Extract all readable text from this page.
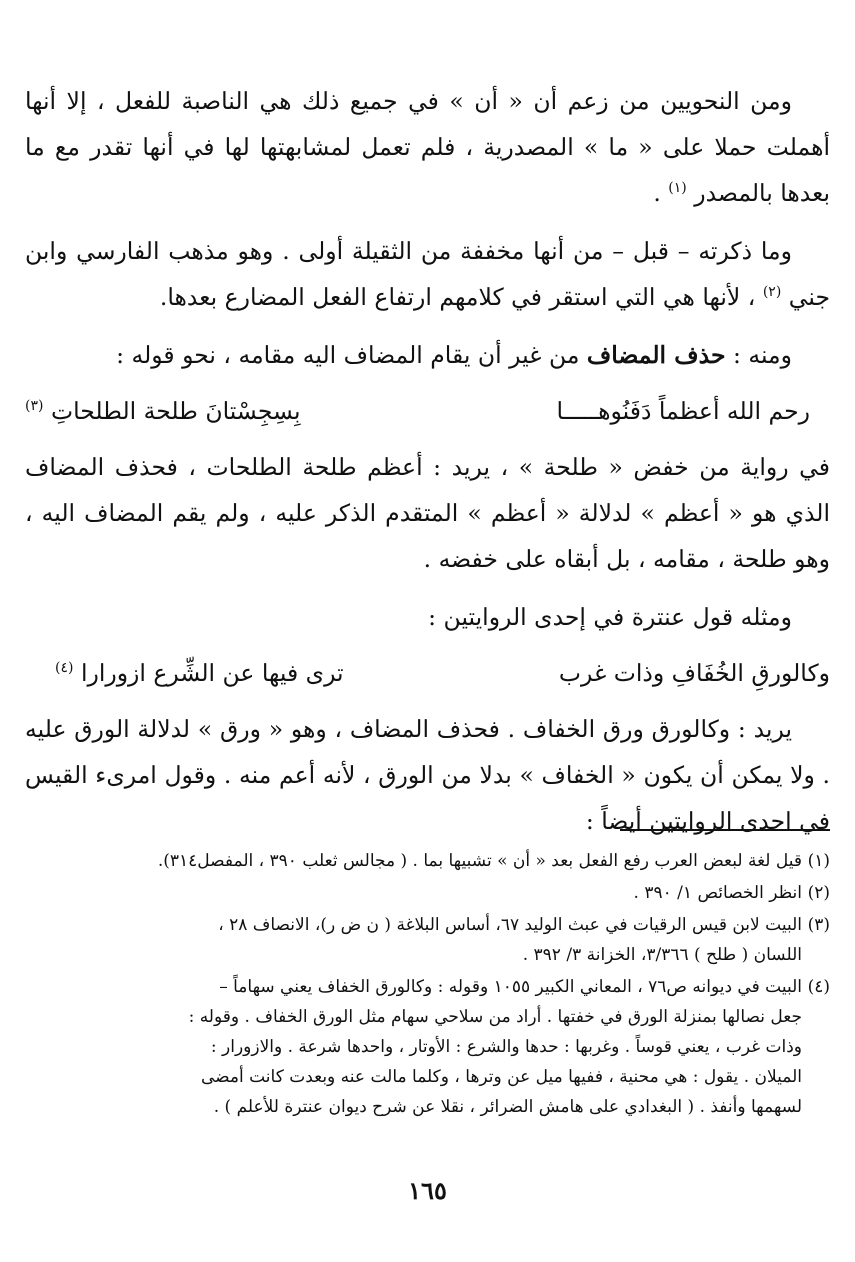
ومن النحويين من زعم أن « أن » في جميع ذلك هي الناصبة للفعل ، إلا أنها أهملت حملا على « ما » المصدرية ، فلم تعمل لمشابهتها لها في أنها تقدر مع ما بعدها بالمصدر $^{(١)}$ .

وما ذكرته – قبل – من أنها مخففة من الثقيلة أولى . وهو مذهب الفارسي وابن جني $^{(٢)}$ ، لأنها هي التي استقر في كلامهم ارتفاع الفعل المضارع بعدها.

ومنه : حذف المضاف من غير أن يقام المضاف اليه مقامه ، نحو قوله :

رحم الله أعظماً دَفَنُوهـــــا
بِسِجِسْتانَ طلحة الطلحاتِ $^{(٣)}$

في رواية من خفض « طلحة » ، يريد : أعظم طلحة الطلحات ، فحذف المضاف الذي هو « أعظم » لدلالة « أعظم » المتقدم الذكر عليه ، ولم يقم المضاف اليه ، وهو طلحة ، مقامه ، بل أبقاه على خفضه .

ومثله قول عنترة في إحدى الروايتين :

وكالورقِ الخُفَافِ وذات غرب
ترى فيها عن الشِّرع ازورارا $^{(٤)}$

يريد : وكالورق ورق الخفاف . فحذف المضاف ، وهو « ورق » لدلالة الورق عليه . ولا يمكن أن يكون « الخفاف » بدلا من الورق ، لأنه أعم منه . وقول امرىء القيس في احدى الروايتين أيضاً :

(١)قيل لغة لبعض العرب رفع الفعل بعد « أن » تشبيها بما . ( مجالس ثعلب ٣٩٠ ، المفصل٣١٤).

(٢)انظر الخصائص ١/ ٣٩٠ .

(٣)البيت لابن قيس الرقيات في عبث الوليد ٦٧، أساس البلاغة ( ن ض ر)، الانصاف ٢٨ ،

اللسان ( طلح ) ٣/٣٦٦، الخزانة ٣/ ٣٩٢ .

(٤)البيت في ديوانه ص٧٦ ، المعاني الكبير ١٠٥٥ وقوله : وكالورق الخفاف يعني سهاماً –

جعل نصالها بمنزلة الورق في خفتها . أراد من سلاحي سهام مثل الورق الخفاف . وقوله :

وذات غرب ، يعني قوساً . وغربها : حدها والشرع : الأوتار ، واحدها شرعة . والازورار :

الميلان . يقول : هي محنية ، ففيها ميل عن وترها ، وكلما مالت عنه وبعدت كانت أمضى

لسهمها وأنفذ . ( البغدادي على هامش الضرائر ، نقلا عن شرح ديوان عنترة للأعلم ) .

١٦٥
